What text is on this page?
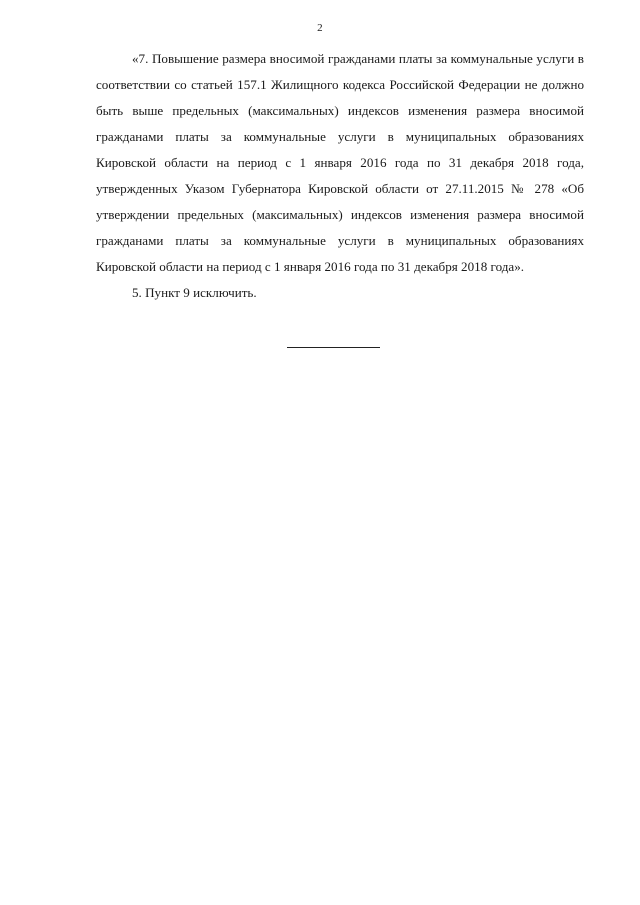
2

«7. Повышение размера вносимой гражданами платы за коммунальные услуги в соответствии со статьей 157.1 Жилищного кодекса Российской Федерации не должно быть выше предельных (максимальных) индексов изменения размера вносимой гражданами платы за коммунальные услуги в муниципальных образованиях Кировской области на период с 1 января 2016 года по 31 декабря 2018 года, утвержденных Указом Губернатора Кировской области от 27.11.2015 № 278 «Об утверждении предельных (максимальных) индексов изменения размера вносимой гражданами платы за коммунальные услуги в муниципальных образованиях Кировской области на период с 1 января 2016 года по 31 декабря 2018 года».

5. Пункт 9 исключить.
